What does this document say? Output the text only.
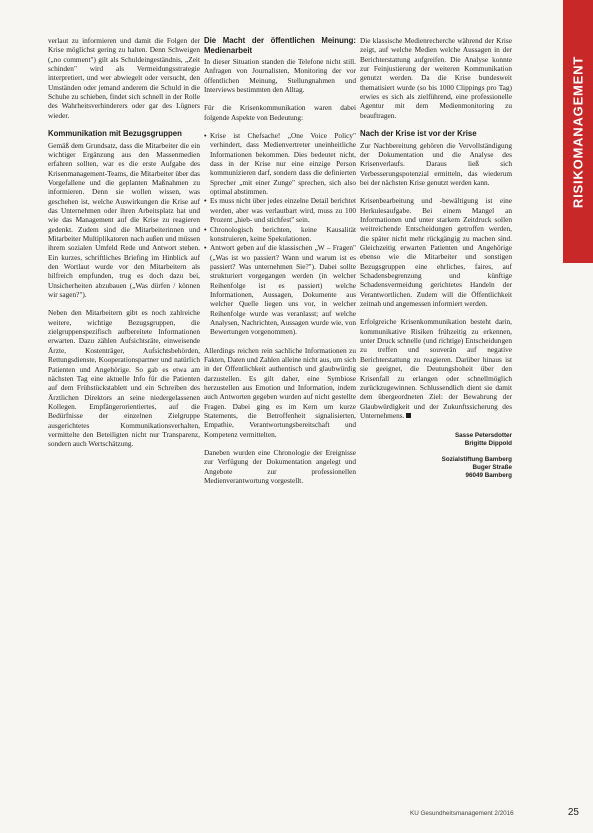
RISIKOMANAGEMENT

verlaut zu informieren und damit die Folgen der Krise möglichst gering zu halten. Denn Schweigen („no comment") gilt als Schuldeingeständnis, „Zeit schinden" wird als Vermeidungsstrategie interpretiert, und wer abwiegelt oder versucht, den Umständen oder jemand anderem die Schuld in die Schuhe zu schieben, findet sich schnell in der Rolle des Wahrheitsverhinderers oder gar des Lügners wieder.

Kommunikation mit Bezugsgruppen

Gemäß dem Grundsatz, dass die Mitarbeiter die ein wichtiger Ergänzung aus den Massenmedien erfahren sollten, war es die erste Aufgabe des Krisenmanagement-Teams, die Mitarbeiter über das Vorgefallene und die geplanten Maßnahmen zu informieren. Denn sie wollen wissen, was geschehen ist, welche Auswirkungen die Krise auf das Unternehmen oder ihren Arbeitsplatz hat und wie das Management auf die Krise zu reagieren gedenkt. Zudem sind die Mitarbeiterinnen und Mitarbeiter Multiplikatoren nach außen und müssen ihrem sozialen Umfeld Rede und Antwort stehen. Ein kurzes, schriftliches Briefing im Hinblick auf den Wortlaut wurde vor den Mitarbeitern als hilfreich empfunden, trug es doch dazu bei, Unsicherheiten abzubauen („Was dürfen / können wir sagen?").

Neben den Mitarbeitern gibt es noch zahlreiche weitere, wichtige Bezugsgruppen, die zielgruppenspezifisch aufbereitete Informationen erwarten. Dazu zählen Aufsichtsräte, einweisende Ärzte, Kostenträger, Aufsichtsbehörden, Rettungsdienste, Kooperationspartner und natürlich Patienten und Angehörige. So gab es etwa am nächsten Tag eine aktuelle Info für die Patienten auf dem Frühstückstablett und ein Schreiben des Ärztlichen Direktors an seine niedergelassenen Kollegen. Empfängerorientiertes, auf die Bedürfnisse der einzelnen Zielgruppe ausgerichtetes Kommunikationsverhalten, vermittelte den Beteiligten nicht nur Transparenz, sondern auch Wertschätzung.

Die Macht der öffentlichen Meinung: Medienarbeit

In dieser Situation standen die Telefone nicht still. Anfragen von Journalisten, Monitoring der vor öffentlichen Meinung, Stellungnahmen und Interviews bestimmten den Alltag.

Für die Krisenkommunikation waren dabei folgende Aspekte von Bedeutung:

• Krise ist Chefsache! „One Voice Policy" verhindert, dass Medienvertreter uneinheitliche Informationen bekommen. Dies bedeutet nicht, dass in der Krise nur eine einzige Person kommunizieren darf, sondern dass die definierten Sprecher „mit einer Zunge" sprechen, sich also optimal abstimmen.
• Es muss nicht über jedes einzelne Detail berichtet werden, aber was verlautbart wird, muss zu 100 Prozent „hieb- und stichfest" sein.
• Chronologisch berichten, keine Kausalität konstruieren, keine Spekulationen.
• Antwort geben auf die klassischen „W – Fragen" („Was ist wo passiert? Wann und warum ist es passiert? Was unternehmen Sie?"). Dabei sollte strukturiert vorgegangen werden (in welcher Reihenfolge ist es passiert) welche Informationen, Aussagen, Dokumente aus welcher Quelle liegen uns vor, in welcher Reihenfolge wurde was veranlasst; auf welche Analysen, Nachrichten, Aussagen wurde wie, von Bewertungen vorgenommen).

Allerdings reichen rein sachliche Informationen zu Fakten, Daten und Zahlen alleine nicht aus, um sich in der Öffentlichkeit authentisch und glaubwürdig darzustellen. Es gilt daher, eine Symbiose herzustellen aus Emotion und Information, indem auch Antworten gegeben wurden auf nicht gestellte Fragen. Dabei ging es im Kern um kurze Statements, die Betroffenheit signalisierten, Empathie, Verantwortungsbereitschaft und Kompetenz vermittelten.

Daneben wurden eine Chronologie der Ereignisse zur Verfügung der Dokumentation angelegt und Angebote zur professionellen Medienverantwortung vorgestellt.

Die klassische Medienrecherche während der Krise zeigt, auf welche Medien welche Aussagen in der Berichterstattung aufgreifen. Die Analyse konnte zur Feinjustierung der weiteren Kommunikation genutzt werden. Da die Krise bundesweit thematisiert wurde (so bis 1000 Clippings pro Tag) erwies es sich als zielführend, eine professionelle Agentur mit dem Medienmonitoring zu beauftragen.

Nach der Krise ist vor der Krise

Zur Nachbereitung gehören die Vervollständigung der Dokumentation und die Analyse des Krisenverlaufs. Daraus ließ sich Verbesserungspotenzial ermitteln, das wiederum bei der nächsten Krise genutzt werden kann.

Krisenbearbeitung und -bewältigung ist eine Herkulesaufgabe. Bei einem Mangel an Informationen und unter starkem Zeitdruck sollen weitreichende Entscheidungen getroffen werden, die später nicht mehr rückgängig zu machen sind. Gleichzeitig erwarten Patienten und Angehörige ebenso wie die Mitarbeiter und sonstigen Bezugsgruppen eine ehrliches, faires, auf Schadensbegrenzung und künftige Schadensvermeidung gerichtetes Handeln der Verantwortlichen. Zudem will die Öffentlichkeit zeitnah und angemessen informiert werden.

Erfolgreiche Krisenkommunikation besteht darin, kommunikative Risiken frühzeitig zu erkennen, unter Druck schnelle (und richtige) Entscheidungen zu treffen und souverän auf negative Berichterstattung zu reagieren. Darüber hinaus ist sie geeignet, die Deutungshoheit über den Krisenfall zu erlangen oder schnellmöglich zurückzugewinnen. Schlussendlich dient sie damit dem übergeordneten Ziel: der Bewahrung der Glaubwürdigkeit und der Zukunftssicherung des Unternehmens.

Sasse Petersdotter
Brigitte Dippold
Sozialstiftung Bamberg
Buger Straße
96049 Bamberg
KU Gesundheitsmanagement 2/2016	25
